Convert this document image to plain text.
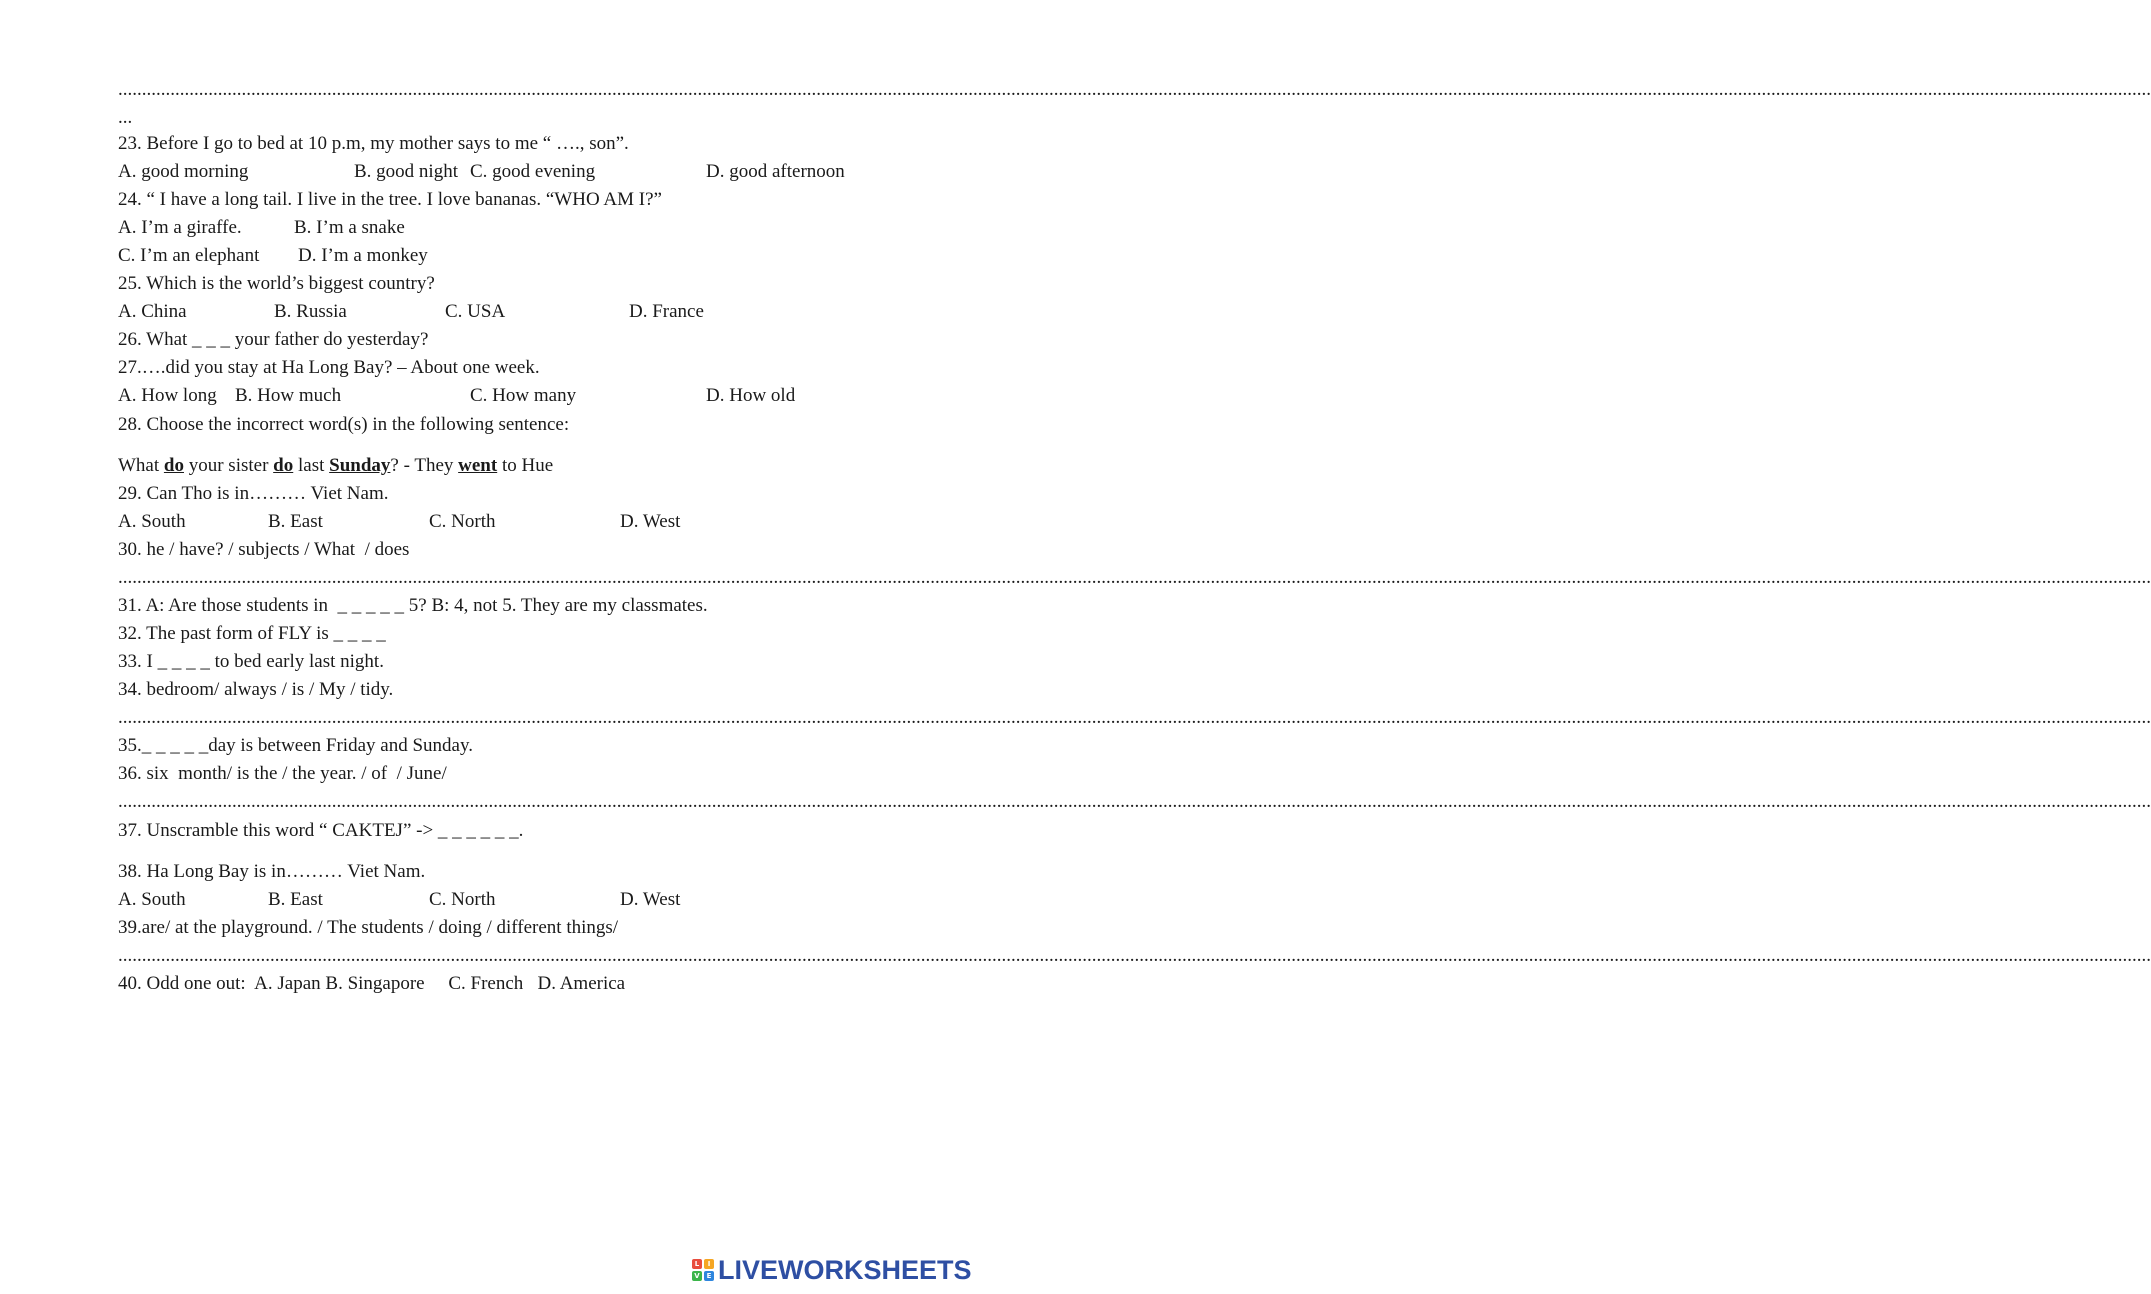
............................................................................................................................................................................................................................................................................................................................................................................................................................................
...
23. Before I go to bed at 10 p.m, my mother says to me “ …., son”.

A. good morning

	B. good night

C. good evening

	D. good afternoon

24. “ I have a long tail. I live in the tree. I love bananas. “WHO AM I?”

A. I’m a giraffe.

	B. I’m a snake

C. I’m an elephant

D. I’m a monkey

25. Which is the world’s biggest country?

A. China

	B. Russia

	C. USA

	D. France

26. What _ _ _ your father do yesterday?
27.….did you stay at Ha Long Bay? – About one week.

A. How long

B. How much

	C. How many

	D. How old

28. Choose the incorrect word(s) in the following sentence:
What do your sister do last Sunday? - They went to Hue
29. Can Tho is in……… Viet Nam.

A. South

	B. East

	C. North

	D. West

30. he / have? / subjects / What  / does
............................................................................................................................................................................................................................................................................................................................................................................................................................................
31. A: Are those students in  _ _ _ _ _ 5? B: 4, not 5. They are my classmates.
32. The past form of FLY is _ _ _ _
33. I _ _ _ _ to bed early last night.
34. bedroom/ always / is / My / tidy.
............................................................................................................................................................................................................................................................................................................................................................................................................................................
35._ _ _ _ _day is between Friday and Sunday.
36. six  month/ is the / the year. / of  / June/
............................................................................................................................................................................................................................................................................................................................................................................................................................................
37. Unscramble this word “ CAKTEJ” -> _ _ _ _ _ _.
38. Ha Long Bay is in……… Viet Nam.

A. South

	B. East

	C. North

	D. West

39.are/ at the playground. / The students / doing / different things/
............................................................................................................................................................................................................................................................................................................................................................................................................................................
40. Odd one out:  A. Japan B. Singapore     C. French   D. America
L	I
V E LIVEWORKSHEETS
